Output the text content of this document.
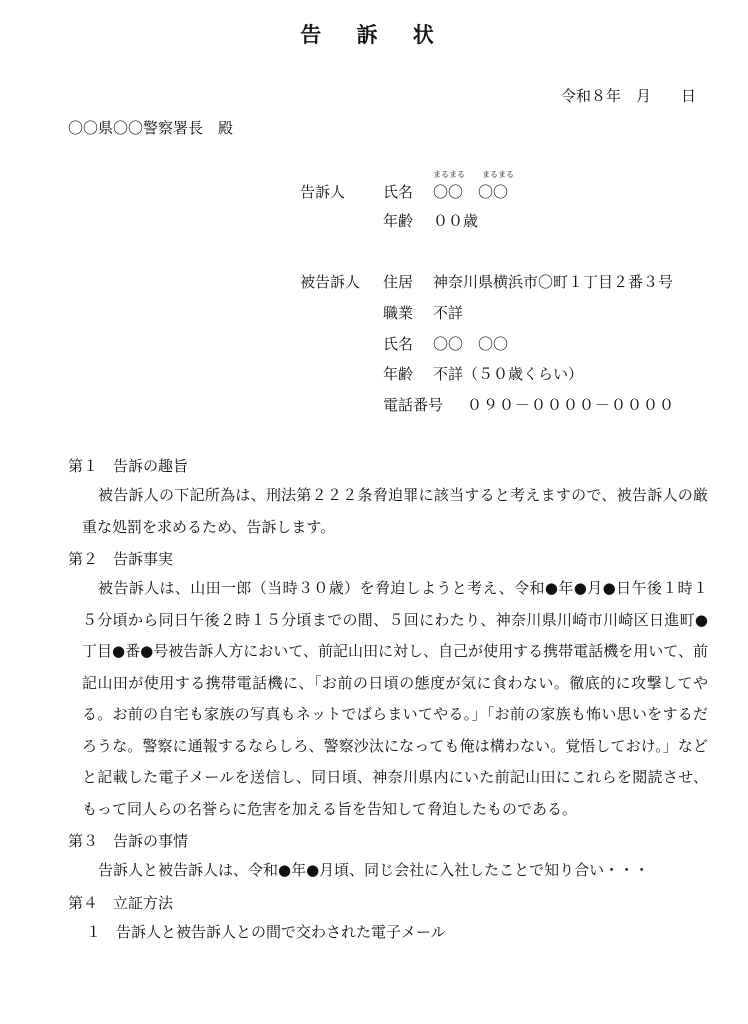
告 訴 状
令和８年　月　　日
〇〇県〇〇警察署長　殿
告訴人	氏名
まるまる まるまる
〇〇　〇〇
年齢 ００歳
被告訴人 住居 神奈川県横浜市〇町１丁目２番３号
職業 不詳
氏名 〇〇　〇〇
年齢 不詳（５０歳くらい）
電話番号 ０９０－００００－００００

第１　告訴の趣旨

被告訴人の下記所為は、刑法第２２２条脅迫罪に該当すると考えますので、被告訴人の厳重な処罰を求めるため、告訴します。

第２　告訴事実

被告訴人は、山田一郎（当時３０歳）を脅迫しようと考え、令和●年●月●日午後１時１５分頃から同日午後２時１５分頃までの間、５回にわたり、神奈川県川崎市川崎区日進町●丁目●番●号被告訴人方において、前記山田に対し、自己が使用する携帯電話機を用いて、前記山田が使用する携帯電話機に、「お前の日頃の態度が気に食わない。徹底的に攻撃してやる。お前の自宅も家族の写真もネットでばらまいてやる。」「お前の家族も怖い思いをするだろうな。警察に通報するならしろ、警察沙汰になっても俺は構わない。覚悟しておけ。」などと記載した電子メールを送信し、同日頃、神奈川県内にいた前記山田にこれらを閲読させ、もって同人らの名誉らに危害を加える旨を告知して脅迫したものである。

第３　告訴の事情

告訴人と被告訴人は、令和●年●月頃、同じ会社に入社したことで知り合い・・・

第４　立証方法

１　告訴人と被告訴人との間で交わされた電子メール
